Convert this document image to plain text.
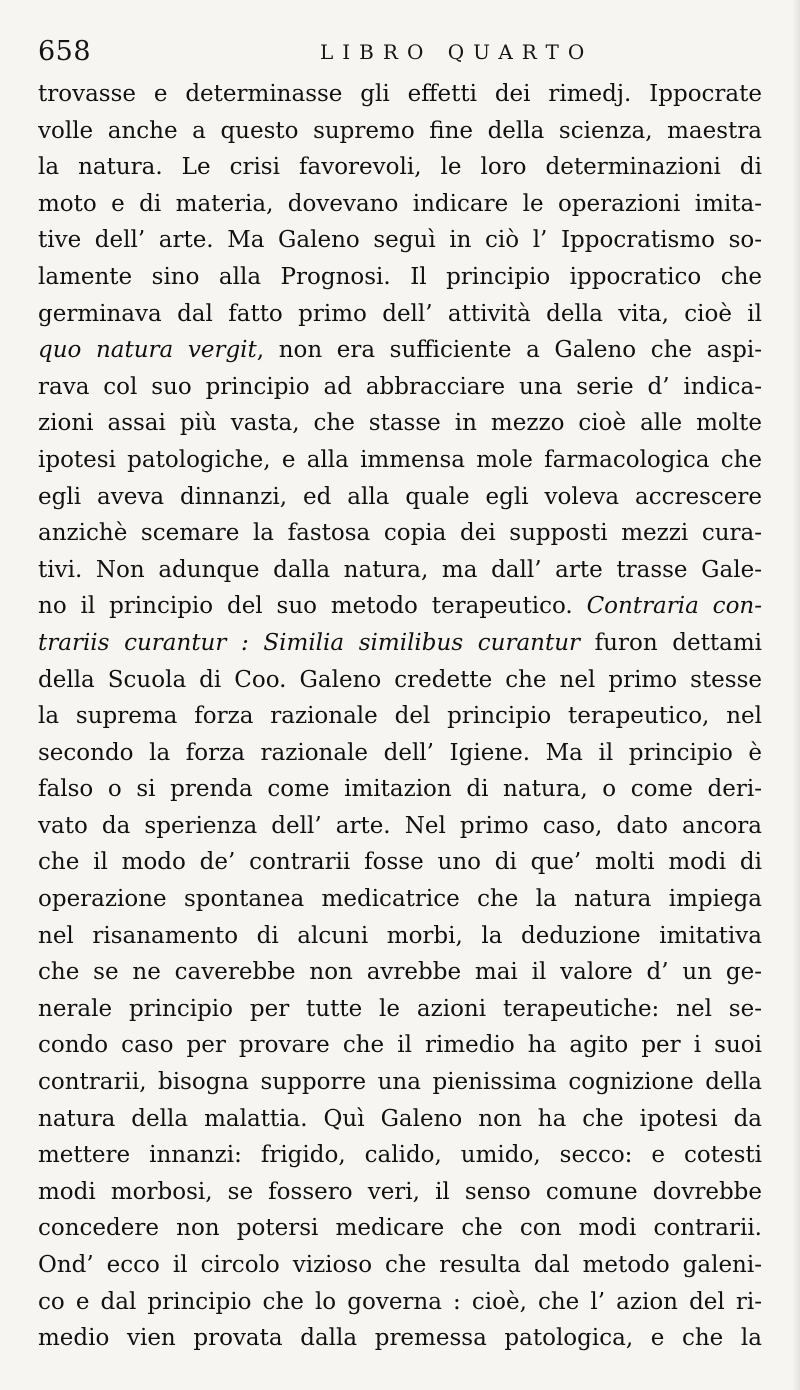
658	LIBRO QUARTO
trovasse e determinasse gli effetti dei rimedj. Ippocrate
volle anche a questo supremo fine della scienza, maestra
la natura. Le crisi favorevoli, le loro determinazioni di
moto e di materia, dovevano indicare le operazioni imita-
tive dell’ arte. Ma Galeno seguì in ciò l’ Ippocratismo so-
lamente sino alla Prognosi. Il principio ippocratico che
germinava dal fatto primo dell’ attività della vita, cioè il
quo natura vergit, non era sufficiente a Galeno che aspi-
rava col suo principio ad abbracciare una serie d’ indica-
zioni assai più vasta, che stasse in mezzo cioè alle molte
ipotesi patologiche, e alla immensa mole farmacologica che
egli aveva dinnanzi, ed alla quale egli voleva accrescere
anzichè scemare la fastosa copia dei supposti mezzi cura-
tivi. Non adunque dalla natura, ma dall’ arte trasse Gale-
no il principio del suo metodo terapeutico. Contraria con-
trariis curantur : Similia similibus curantur furon dettami
della Scuola di Coo. Galeno credette che nel primo stesse
la suprema forza razionale del principio terapeutico, nel
secondo la forza razionale dell’ Igiene. Ma il principio è
falso o si prenda come imitazion di natura, o come deri-
vato da sperienza dell’ arte. Nel primo caso, dato ancora
che il modo de’ contrarii fosse uno di que’ molti modi di
operazione spontanea medicatrice che la natura impiega
nel risanamento di alcuni morbi, la deduzione imitativa
che se ne caverebbe non avrebbe mai il valore d’ un ge-
nerale principio per tutte le azioni terapeutiche: nel se-
condo caso per provare che il rimedio ha agito per i suoi
contrarii, bisogna supporre una pienissima cognizione della
natura della malattia. Quì Galeno non ha che ipotesi da
mettere innanzi: frigido, calido, umido, secco: e cotesti
modi morbosi, se fossero veri, il senso comune dovrebbe
concedere non potersi medicare che con modi contrarii.
Ond’ ecco il circolo vizioso che resulta dal metodo galeni-
co e dal principio che lo governa : cioè, che l’ azion del ri-
medio vien provata dalla premessa patologica, e che la
